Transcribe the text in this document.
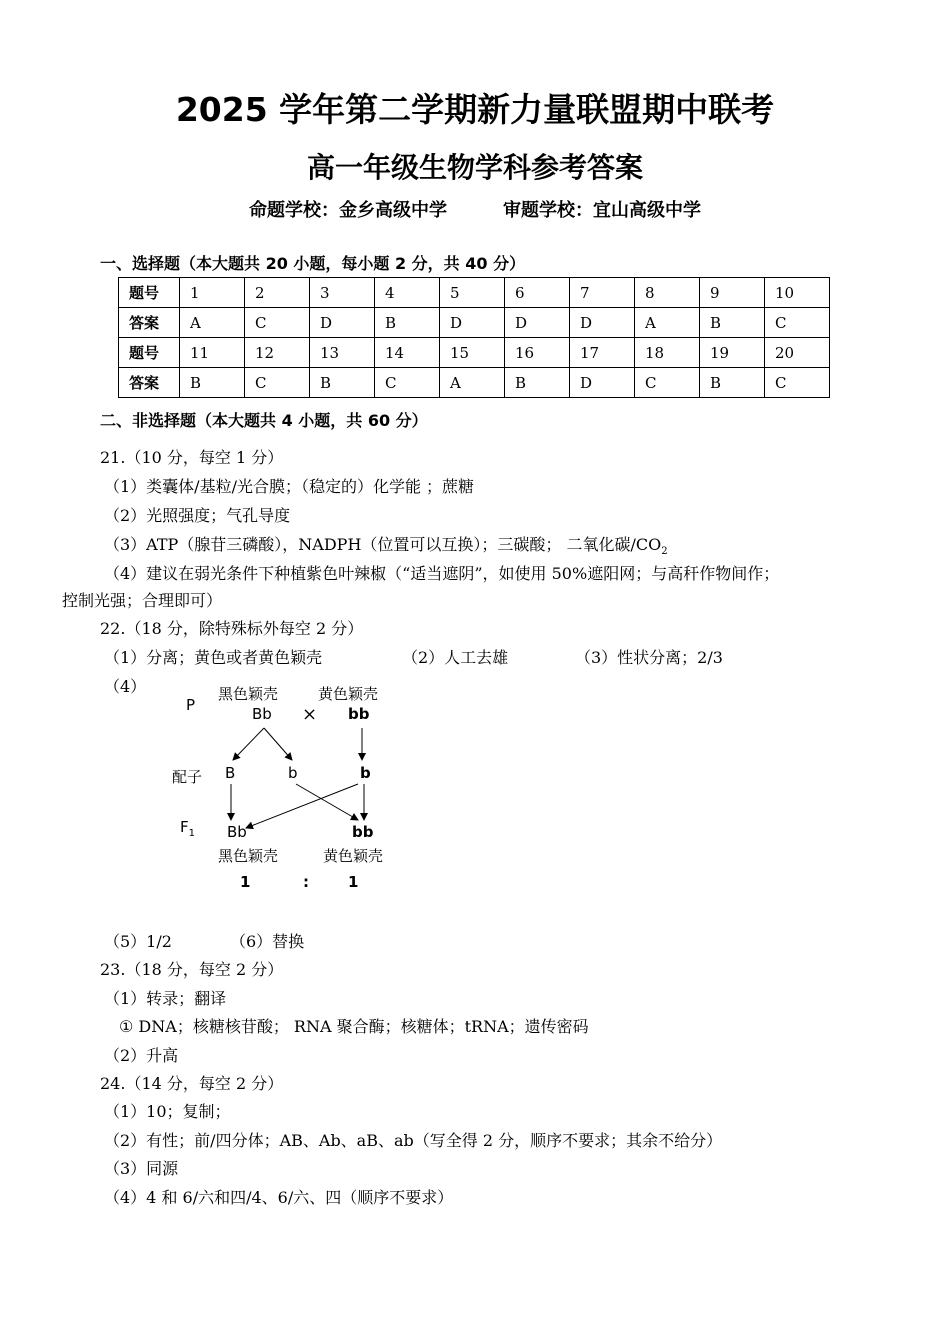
2025 学年第二学期新力量联盟期中联考
高一年级生物学科参考答案
命题学校：金乡高级中学	审题学校：宜山高级中学
一、选择题（本大题共 20 小题，每小题 2 分，共 40 分）
题号	1	2	3	4	5	6	7	8	9	10
答案	A	C	D	B	D	D	D	A	B	C
题号	11	12	13	14	15	16	17	18	19	20
答案	B	C	B	C	A	B	D	C	B	C
二、非选择题（本大题共 4 小题，共 60 分）
21.（10 分，每空 1 分）
（1）类囊体/基粒/光合膜；（稳定的）化学能 ；蔗糖
（2）光照强度；气孔导度
（3）ATP（腺苷三磷酸），NADPH（位置可以互换）；三碳酸； 二氧化碳$/CO_2$
（4）建议在弱光条件下种植紫色叶辣椒（“适当遮阴”，如使用 50%遮阳网；与高秆作物间作；
控制光强；合理即可）
22.（18 分，除特殊标外每空 2 分）
（1）分离；黄色或者黄色颖壳	（2）人工去雄	（3）性状分离；2/3
（4）
P
黑色颖壳
Bb ×
黄色颖壳
bb
配子 B	b	b
$F_1$ Bb	bb
黑色颖壳	黄色颖壳
1	:	1
（5）1/2	（6）替换
23.（18 分，每空 2 分）
（1）转录；翻译
① DNA；核糖核苷酸； RNA 聚合酶；核糖体；tRNA；遗传密码
（2）升高
24.（14 分，每空 2 分）
（1）10；复制；
（2）有性；前/四分体；AB、Ab、aB、ab（写全得 2 分，顺序不要求；其余不给分）
（3）同源
（4）4 和 6/六和四/4、6/六、四（顺序不要求）
